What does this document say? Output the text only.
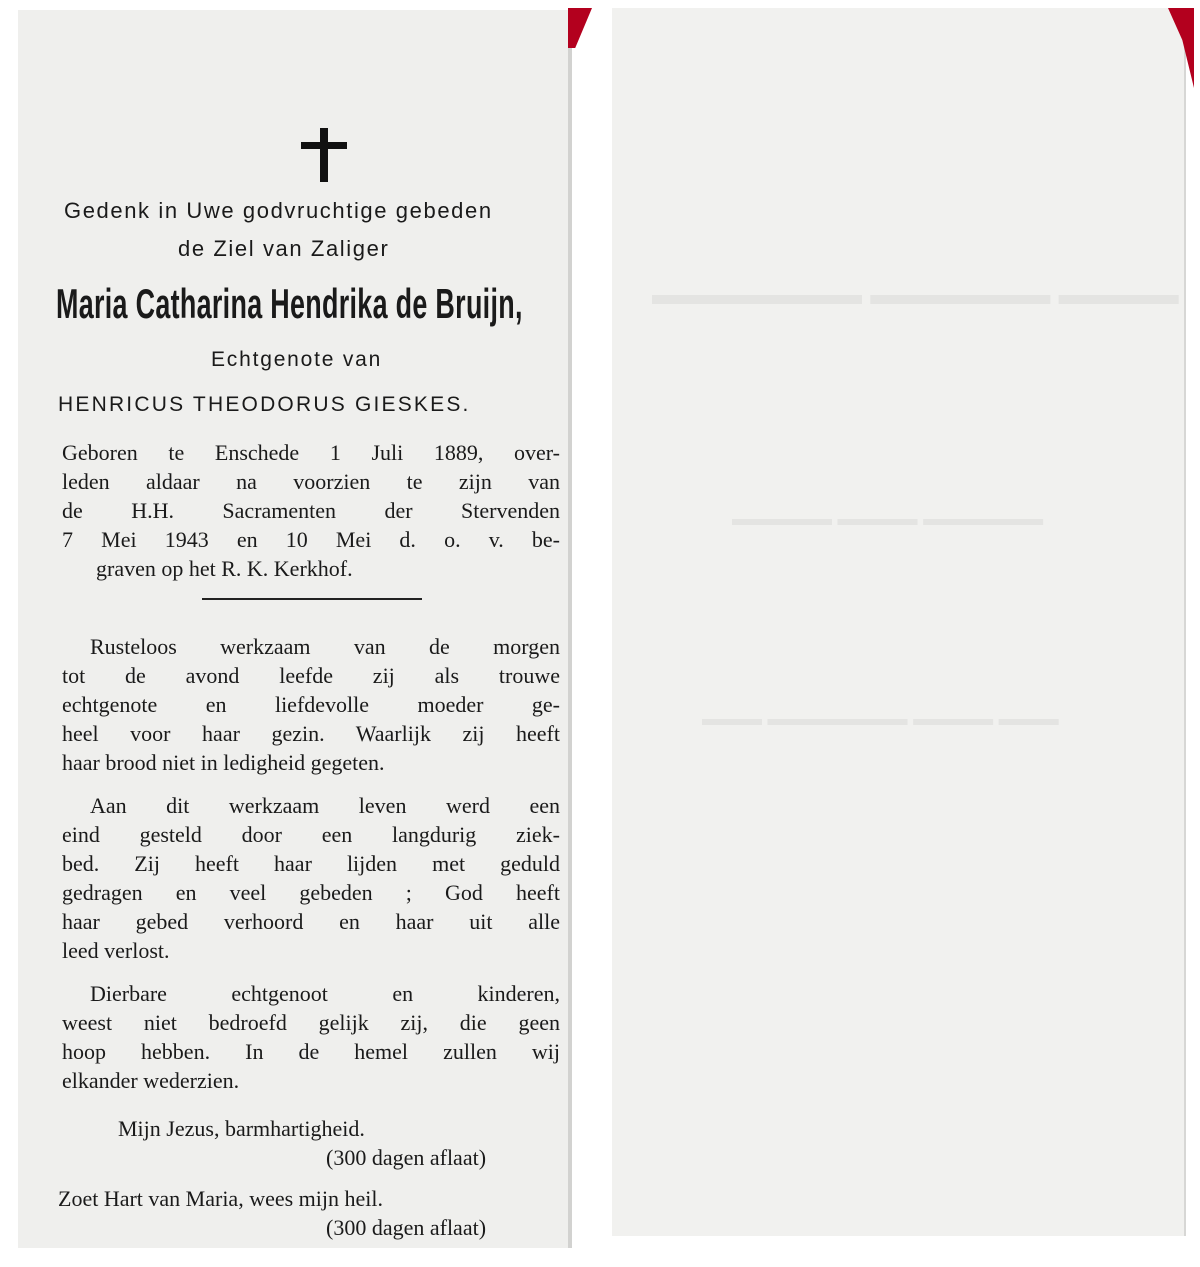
Gedenk in Uwe godvruchtige gebeden

de Ziel van Zaliger

Maria Catharina Hendrika de Bruijn,

Echtgenote van

HENRICUS THEODORUS GIESKES.

Geboren te Enschede 1 Juli 1889, over-

leden aldaar na voorzien te zijn van

de H.H. Sacramenten der Stervenden

7 Mei 1943 en 10 Mei d. o. v. be-

graven op het R. K. Kerkhof.

Rusteloos werkzaam van de morgen

tot de avond leefde zij als trouwe

echtgenote en liefdevolle moeder ge-

heel voor haar gezin. Waarlijk zij heeft

haar brood niet in ledigheid gegeten.

Aan dit werkzaam leven werd een

eind gesteld door een langdurig ziek-

bed. Zij heeft haar lijden met geduld

gedragen en veel gebeden ; God heeft

haar gebed verhoord en haar uit alle

leed verlost.

Dierbare echtgenoot en kinderen,

weest niet bedroefd gelijk zij, die geen

hoop hebben. In de hemel zullen wij

elkander wederzien.

Mijn Jezus, barmhartigheid.

(300 dagen aflaat)

Zoet Hart van Maria, wees mijn heil.

(300 dagen aflaat)

▬▬▬▬ ▬▬▬▬▬▬ ▬▬▬▬▬▬▬
▬▬▬▬▬ ▬▬▬▬ ▬▬▬▬▬▬
▬▬▬ ▬▬▬▬▬▬▬ ▬▬▬▬ ▬▬▬
